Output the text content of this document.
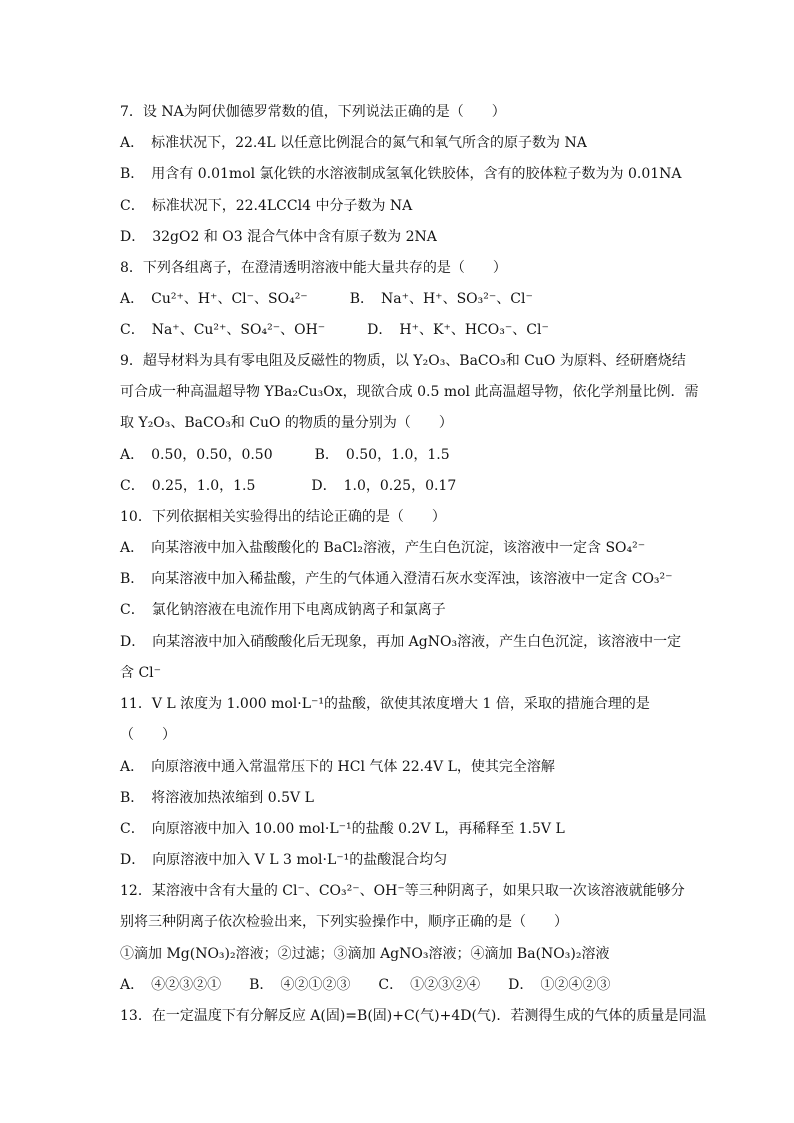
7．设 NA为阿伏伽德罗常数的值，下列说法正确的是（　　）
A．　标准状况下，22.4L 以任意比例混合的氮气和氧气所含的原子数为 NA
B．　用含有 0.01mol 氯化铁的水溶液制成氢氧化铁胶体，含有的胶体粒子数为为 0.01NA
C．　标准状况下，22.4LCCl4 中分子数为 NA
D．　32gO2 和 O3 混合气体中含有原子数为 2NA
8．下列各组离子，在澄清透明溶液中能大量共存的是（　　）
A．　Cu²⁺、H⁺、Cl⁻、SO₄²⁻　　　B．　Na⁺、H⁺、SO₃²⁻、Cl⁻
C．　Na⁺、Cu²⁺、SO₄²⁻、OH⁻　　　D．　H⁺、K⁺、HCO₃⁻、Cl⁻
9．超导材料为具有零电阻及反磁性的物质，以 Y₂O₃、BaCO₃和 CuO 为原料、经研磨烧结
可合成一种高温超导物 YBa₂Cu₃Ox，现欲合成 0.5 mol 此高温超导物，依化学剂量比例．需
取 Y₂O₃、BaCO₃和 CuO 的物质的量分别为（　　）
A．　0.50，0.50，0.50　　　B．　0.50，1.0，1.5
C．　0.25，1.0，1.5　　　　D．　1.0，0.25，0.17
10．下列依据相关实验得出的结论正确的是（　　）
A．　向某溶液中加入盐酸酸化的 BaCl₂溶液，产生白色沉淀，该溶液中一定含 SO₄²⁻
B．　向某溶液中加入稀盐酸，产生的气体通入澄清石灰水变浑浊，该溶液中一定含 CO₃²⁻
C．　氯化钠溶液在电流作用下电离成钠离子和氯离子
D．　向某溶液中加入硝酸酸化后无现象，再加 AgNO₃溶液，产生白色沉淀，该溶液中一定
含 Cl⁻
11．V L 浓度为 1.000 mol·L⁻¹的盐酸，欲使其浓度增大 1 倍，采取的措施合理的是
（　　）
A．　向原溶液中通入常温常压下的 HCl 气体 22.4V L，使其完全溶解
B．　将溶液加热浓缩到 0.5V L
C．　向原溶液中加入 10.00 mol·L⁻¹的盐酸 0.2V L，再稀释至 1.5V L
D．　向原溶液中加入 V L 3 mol·L⁻¹的盐酸混合均匀
12．某溶液中含有大量的 Cl⁻、CO₃²⁻、OH⁻等三种阴离子，如果只取一次该溶液就能够分
别将三种阴离子依次检验出来，下列实验操作中，顺序正确的是（　　）
①滴加 Mg(NO₃)₂溶液；②过滤；③滴加 AgNO₃溶液；④滴加 Ba(NO₃)₂溶液
A．　④②③②①　　B．　④②①②③　　C．　①②③②④　　D．　①②④②③
13．在一定温度下有分解反应 A(固)=B(固)+C(气)+4D(气)．若测得生成的气体的质量是同温
